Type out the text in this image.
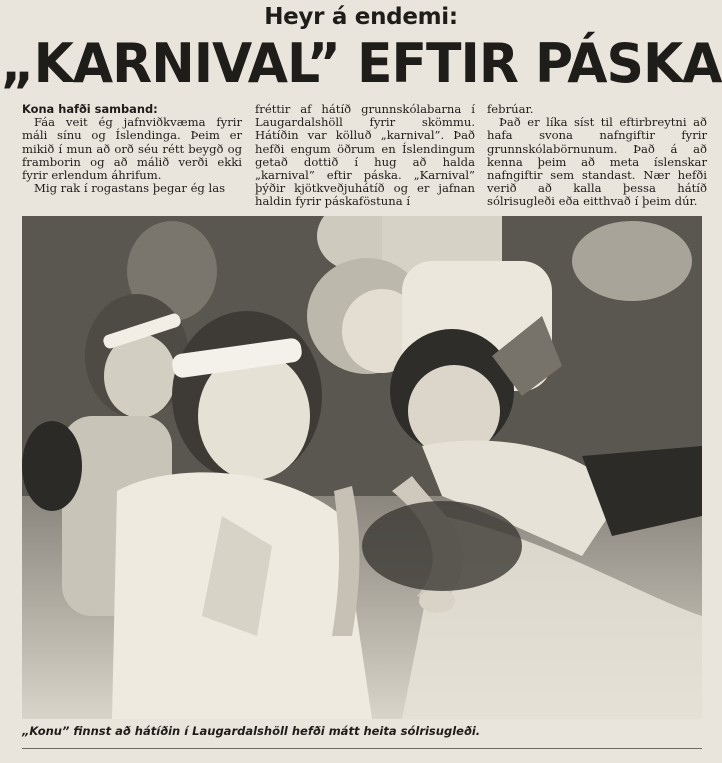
Heyr á endemi:
„KARNIVAL” EFTIR PÁSKA
Kona hafði samband:

Fáa veit ég jafnviðkvæma fyrir máli sínu og Íslendinga. Þeim er mikið í mun að orð séu rétt beygð og framborin og að málið verði ekki fyrir erlendum áhrifum.

Mig rak í rogastans þegar ég las

fréttir af hátíð grunnskólabarna í Laugardalshöll fyrir skömmu. Hátíðin var kölluð „karnival”. Það hefði engum öðrum en Íslendingum getað dottið í hug að halda „karnival” eftir páska. „Karnival” þýðir kjötkveðjuhátíð og er jafnan haldin fyrir páskaföstuna í

febrúar.

Það er líka síst til eftirbreytni að hafa svona nafngiftir fyrir grunnskólabörnunum. Það á að kenna þeim að meta íslenskar nafngiftir sem standast. Nær hefði verið að kalla þessa hátíð sólrisugleði eða eitthvað í þeim dúr.

„Konu” finnst að hátíðin í Laugardalshöll hefði mátt heita sólrisugleði.
